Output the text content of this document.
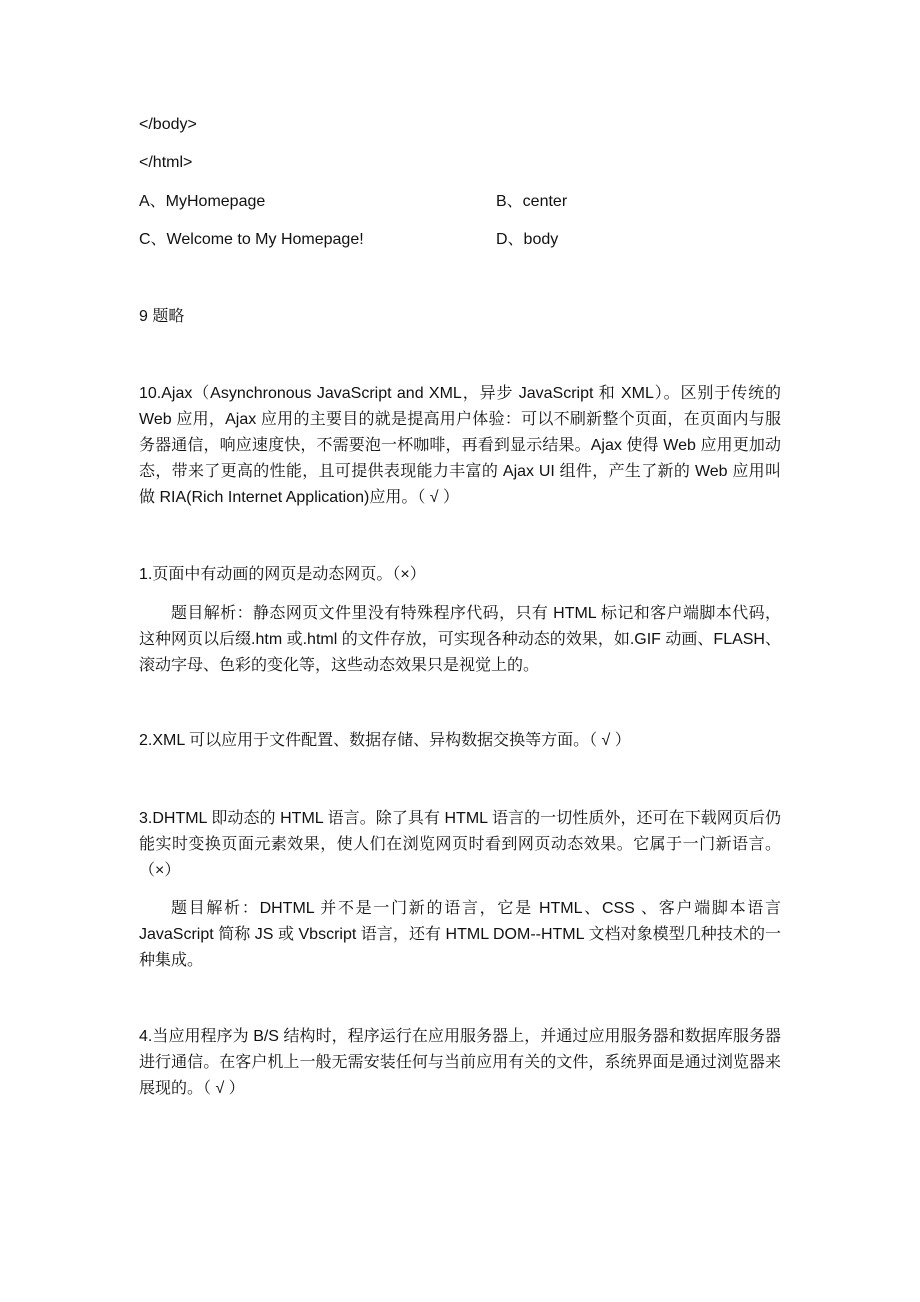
</body>
</html>
A、MyHomepage	B、center
C、Welcome to My Homepage!	D、body
9 题略
10.Ajax（Asynchronous JavaScript and XML，异步 JavaScript 和 XML）。区别于传统的 Web 应用，Ajax 应用的主要目的就是提高用户体验：可以不刷新整个页面，在页面内与服务器通信，响应速度快，不需要泡一杯咖啡，再看到显示结果。Ajax 使得 Web 应用更加动态，带来了更高的性能，且可提供表现能力丰富的 Ajax UI 组件，产生了新的 Web 应用叫做 RIA(Rich Internet Application)应用。（ √ ）
1.页面中有动画的网页是动态网页。（×）
题目解析：静态网页文件里没有特殊程序代码，只有 HTML 标记和客户端脚本代码，这种网页以后缀.htm 或.html 的文件存放，可实现各种动态的效果，如.GIF 动画、FLASH、滚动字母、色彩的变化等，这些动态效果只是视觉上的。
2.XML 可以应用于文件配置、数据存储、异构数据交换等方面。（ √ ）
3.DHTML 即动态的 HTML 语言。除了具有 HTML 语言的一切性质外，还可在下载网页后仍能实时变换页面元素效果，使人们在浏览网页时看到网页动态效果。它属于一门新语言。（×）
题目解析：DHTML 并不是一门新的语言，它是 HTML、CSS 、客户端脚本语言 JavaScript 简称 JS 或 Vbscript 语言，还有 HTML DOM--HTML 文档对象模型几种技术的一种集成。
4.当应用程序为 B/S 结构时，程序运行在应用服务器上，并通过应用服务器和数据库服务器进行通信。在客户机上一般无需安装任何与当前应用有关的文件，系统界面是通过浏览器来展现的。（ √ ）
